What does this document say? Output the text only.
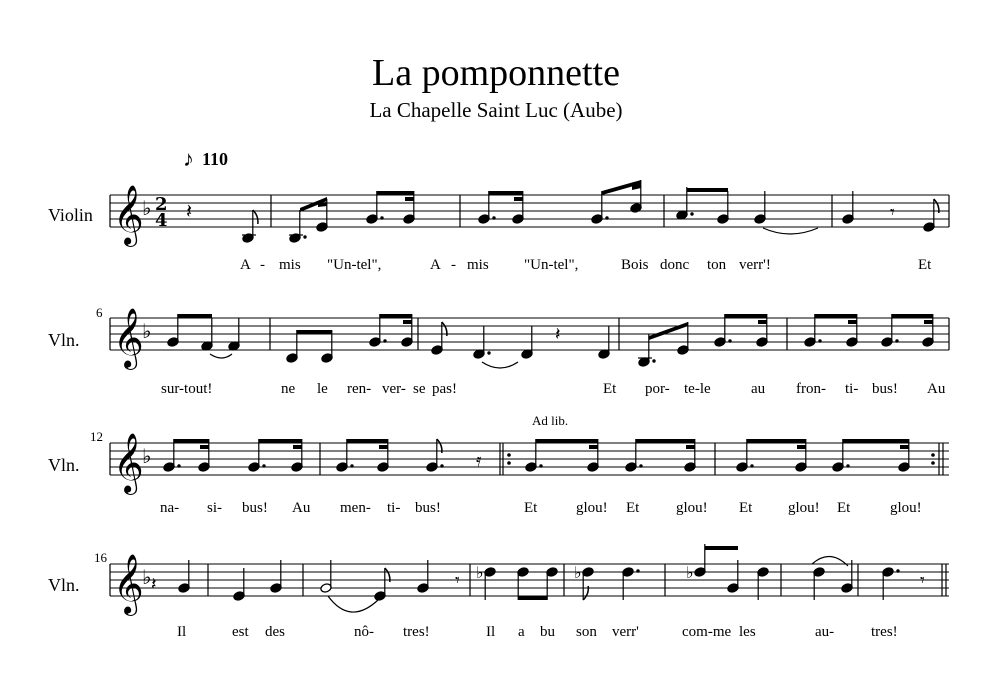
La pomponnette
La Chapelle Saint Luc (Aube)
♪ 110
Violin
Vln.
Vln.
Vln.
6
12
16
Ad lib.
𝄞
♭ 2
4
𝄞
♭
𝄞
♭
𝄞
♭
𝄽	𝄾
𝄽
𝄿
𝄽	𝄾 ♭	♭	♭	𝄾
A - mis "Un-tel",	A - mis "Un-tel",	Bois donc ton verr'!	Et
sur-tout!	ne le ren- ver- se pas!	Et por- te-le	au fron- ti- bus! Au
na- si- bus! Au men- ti- bus!	Et	glou! Et glou! Et glou! Et	glou!
Il	est des	nô- tres!	Il a bu son verr'	com-me les	au- tres!
